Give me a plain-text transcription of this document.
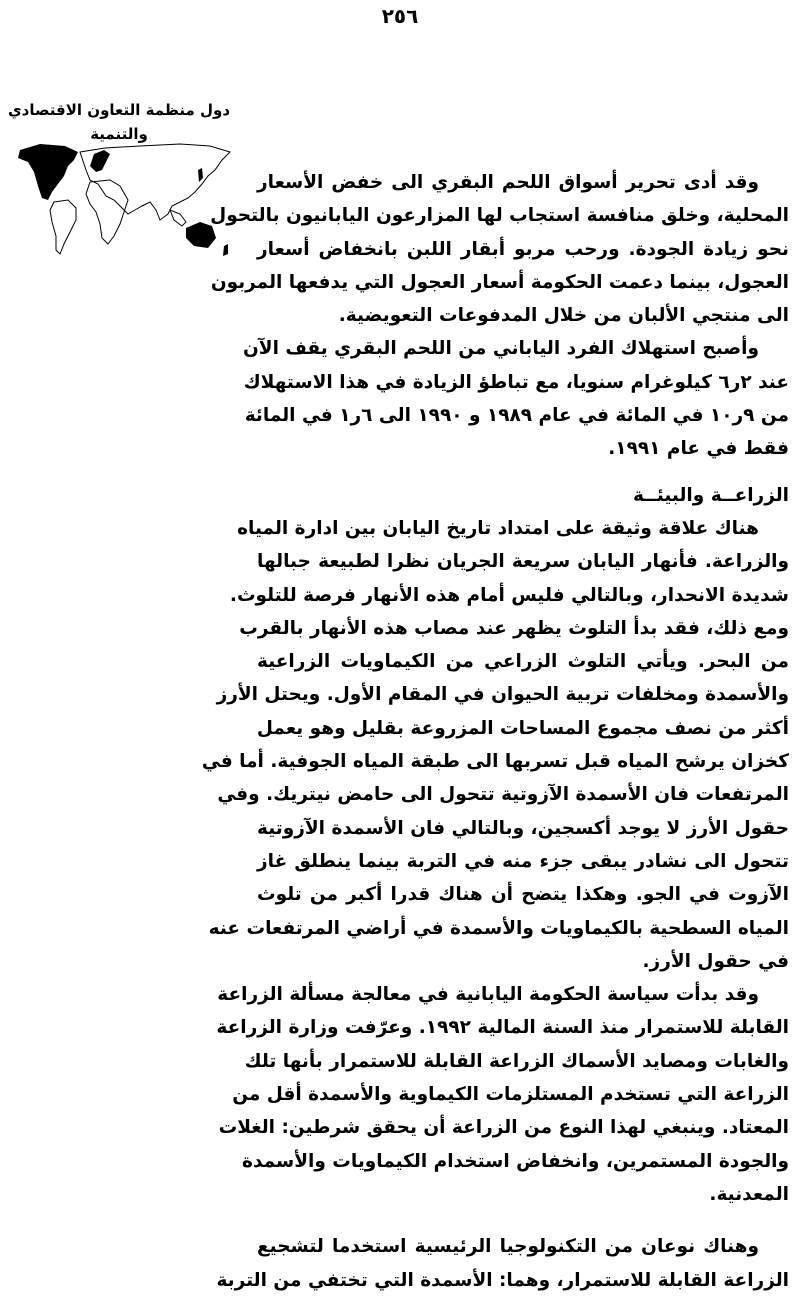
٢٥٦
دول منظمة التعاون الاقتصادي
والتنمية
وقد أدى تحرير أسواق اللحم البقري الى خفض الأسعار
المحلية، وخلق منافسة استجاب لها المزارعون اليابانيون بالتحول
نحو زيادة الجودة. ورحب مربو أبقار اللبن بانخفاض أسعار
العجول، بينما دعمت الحكومة أسعار العجول التي يدفعها المربون
الى منتجي الألبان من خلال المدفوعات التعويضية.
وأصبح استهلاك الفرد الياباني من اللحم البقري يقف الآن
عند ٢ر٦ كيلوغرام سنويا، مع تباطؤ الزيادة في هذا الاستهلاك
من ٩ر١٠ في المائة في عام ١٩٨٩ و ١٩٩٠ الى ٦ر١ في المائة
فقط في عام ١٩٩١.
الزراعــة والبيئــة
هناك علاقة وثيقة على امتداد تاريخ اليابان بين ادارة المياه
والزراعة. فأنهار اليابان سريعة الجريان نظرا لطبيعة جبالها
شديدة الانحدار، وبالتالي فليس أمام هذه الأنهار فرصة للتلوث.
ومع ذلك، فقد بدأ التلوث يظهر عند مصاب هذه الأنهار بالقرب
من البحر. ويأتي التلوث الزراعي من الكيماويات الزراعية
والأسمدة ومخلفات تربية الحيوان في المقام الأول. ويحتل الأرز
أكثر من نصف مجموع المساحات المزروعة بقليل وهو يعمل
كخزان يرشح المياه قبل تسربها الى طبقة المياه الجوفية. أما في
المرتفعات فان الأسمدة الآزوتية تتحول الى حامض نيتريك. وفي
حقول الأرز لا يوجد أكسجين، وبالتالي فان الأسمدة الآزوتية
تتحول الى نشادر يبقى جزء منه في التربة بينما ينطلق غاز
الآزوت في الجو. وهكذا يتضح أن هناك قدرا أكبر من تلوث
المياه السطحية بالكيماويات والأسمدة في أراضي المرتفعات عنه
في حقول الأرز.
وقد بدأت سياسة الحكومة اليابانية في معالجة مسألة الزراعة
القابلة للاستمرار منذ السنة المالية ١٩٩٢. وعرّفت وزارة الزراعة
والغابات ومصايد الأسماك الزراعة القابلة للاستمرار بأنها تلك
الزراعة التي تستخدم المستلزمات الكيماوية والأسمدة أقل من
المعتاد. وينبغي لهذا النوع من الزراعة أن يحقق شرطين: الغلات
والجودة المستمرين، وانخفاض استخدام الكيماويات والأسمدة
المعدنية.
وهناك نوعان من التكنولوجيا الرئيسية استخدما لتشجيع
الزراعة القابلة للاستمرار، وهما: الأسمدة التي تختفي من التربة
